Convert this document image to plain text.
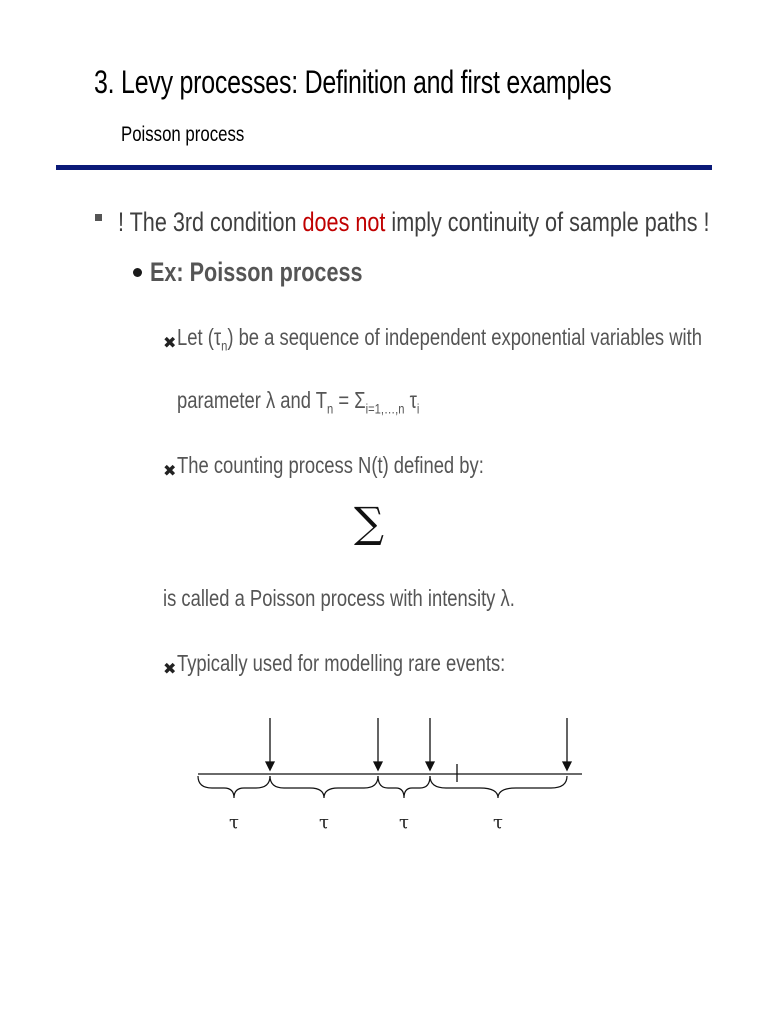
3. Levy processes: Definition and first examples
Poisson process
! The 3rd condition does not imply continuity of sample paths !
Ex: Poisson process
✖ Let $(\tau_n)$ be a sequence of independent exponential variables with
parameter λ and $T_n = \Sigma_{i=1,\dots,n}$ $\tau_i$
✖ The counting process N(t) defined by:
∑
is called a Poisson process with intensity λ.
✖ Typically used for modelling rare events:
τ	τ	τ	τ
